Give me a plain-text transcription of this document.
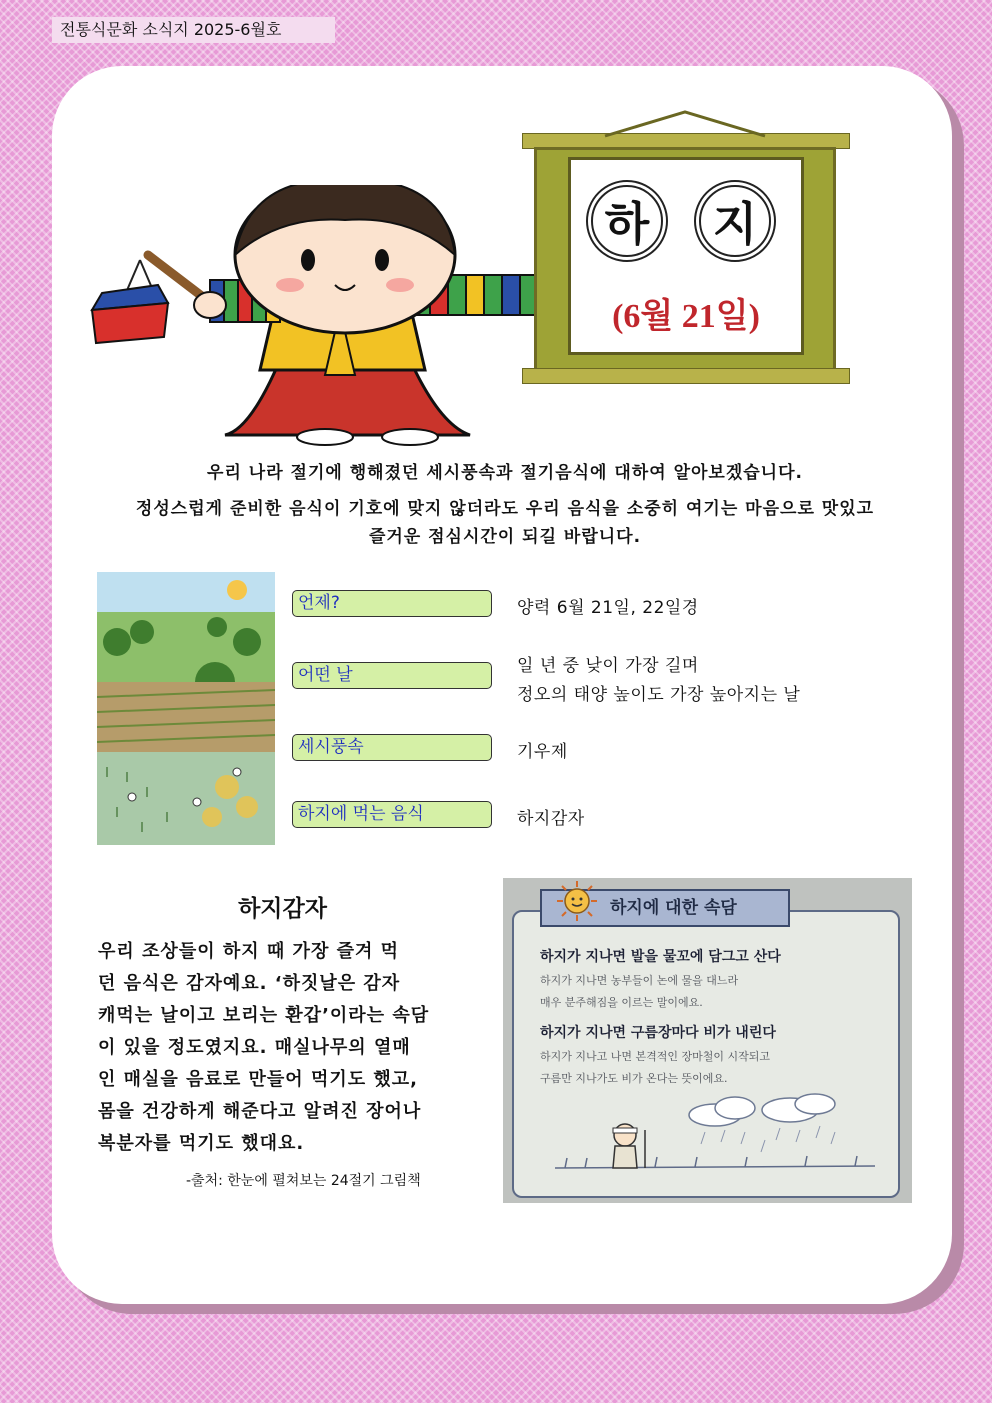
전통식문화 소식지 2025-6월호
하	지
(6월 21일)
우리 나라 절기에 행해졌던 세시풍속과 절기음식에 대하여 알아보겠습니다.
정성스럽게 준비한 음식이 기호에 맞지 않더라도 우리 음식을 소중히 여기는 마음으로 맛있고
즐거운 점심시간이 되길 바랍니다.
언제?	양력 6월 21일, 22일경
어떤 날	일 년 중 낮이 가장 길며
정오의 태양 높이도 가장 높아지는 날
세시풍속	기우제
하지에 먹는 음식	하지감자
하지감자
우리 조상들이 하지 때 가장 즐겨 먹
던 음식은 감자예요. ‘하짓날은 감자
캐먹는 날이고 보리는 환갑’이라는 속담
이 있을 정도였지요. 매실나무의 열매
인 매실을 음료로 만들어 먹기도 했고,
몸을 건강하게 해준다고 알려진 장어나
복분자를 먹기도 했대요.
-출처: 한눈에 펼쳐보는 24절기 그림책
하지에 대한 속담
하지가 지나면 발을 물꼬에 담그고 산다
하지가 지나면 농부들이 논에 물을 대느라
매우 분주해짐을 이르는 말이에요.
하지가 지나면 구름장마다 비가 내린다
하지가 지나고 나면 본격적인 장마철이 시작되고
구름만 지나가도 비가 온다는 뜻이에요.
